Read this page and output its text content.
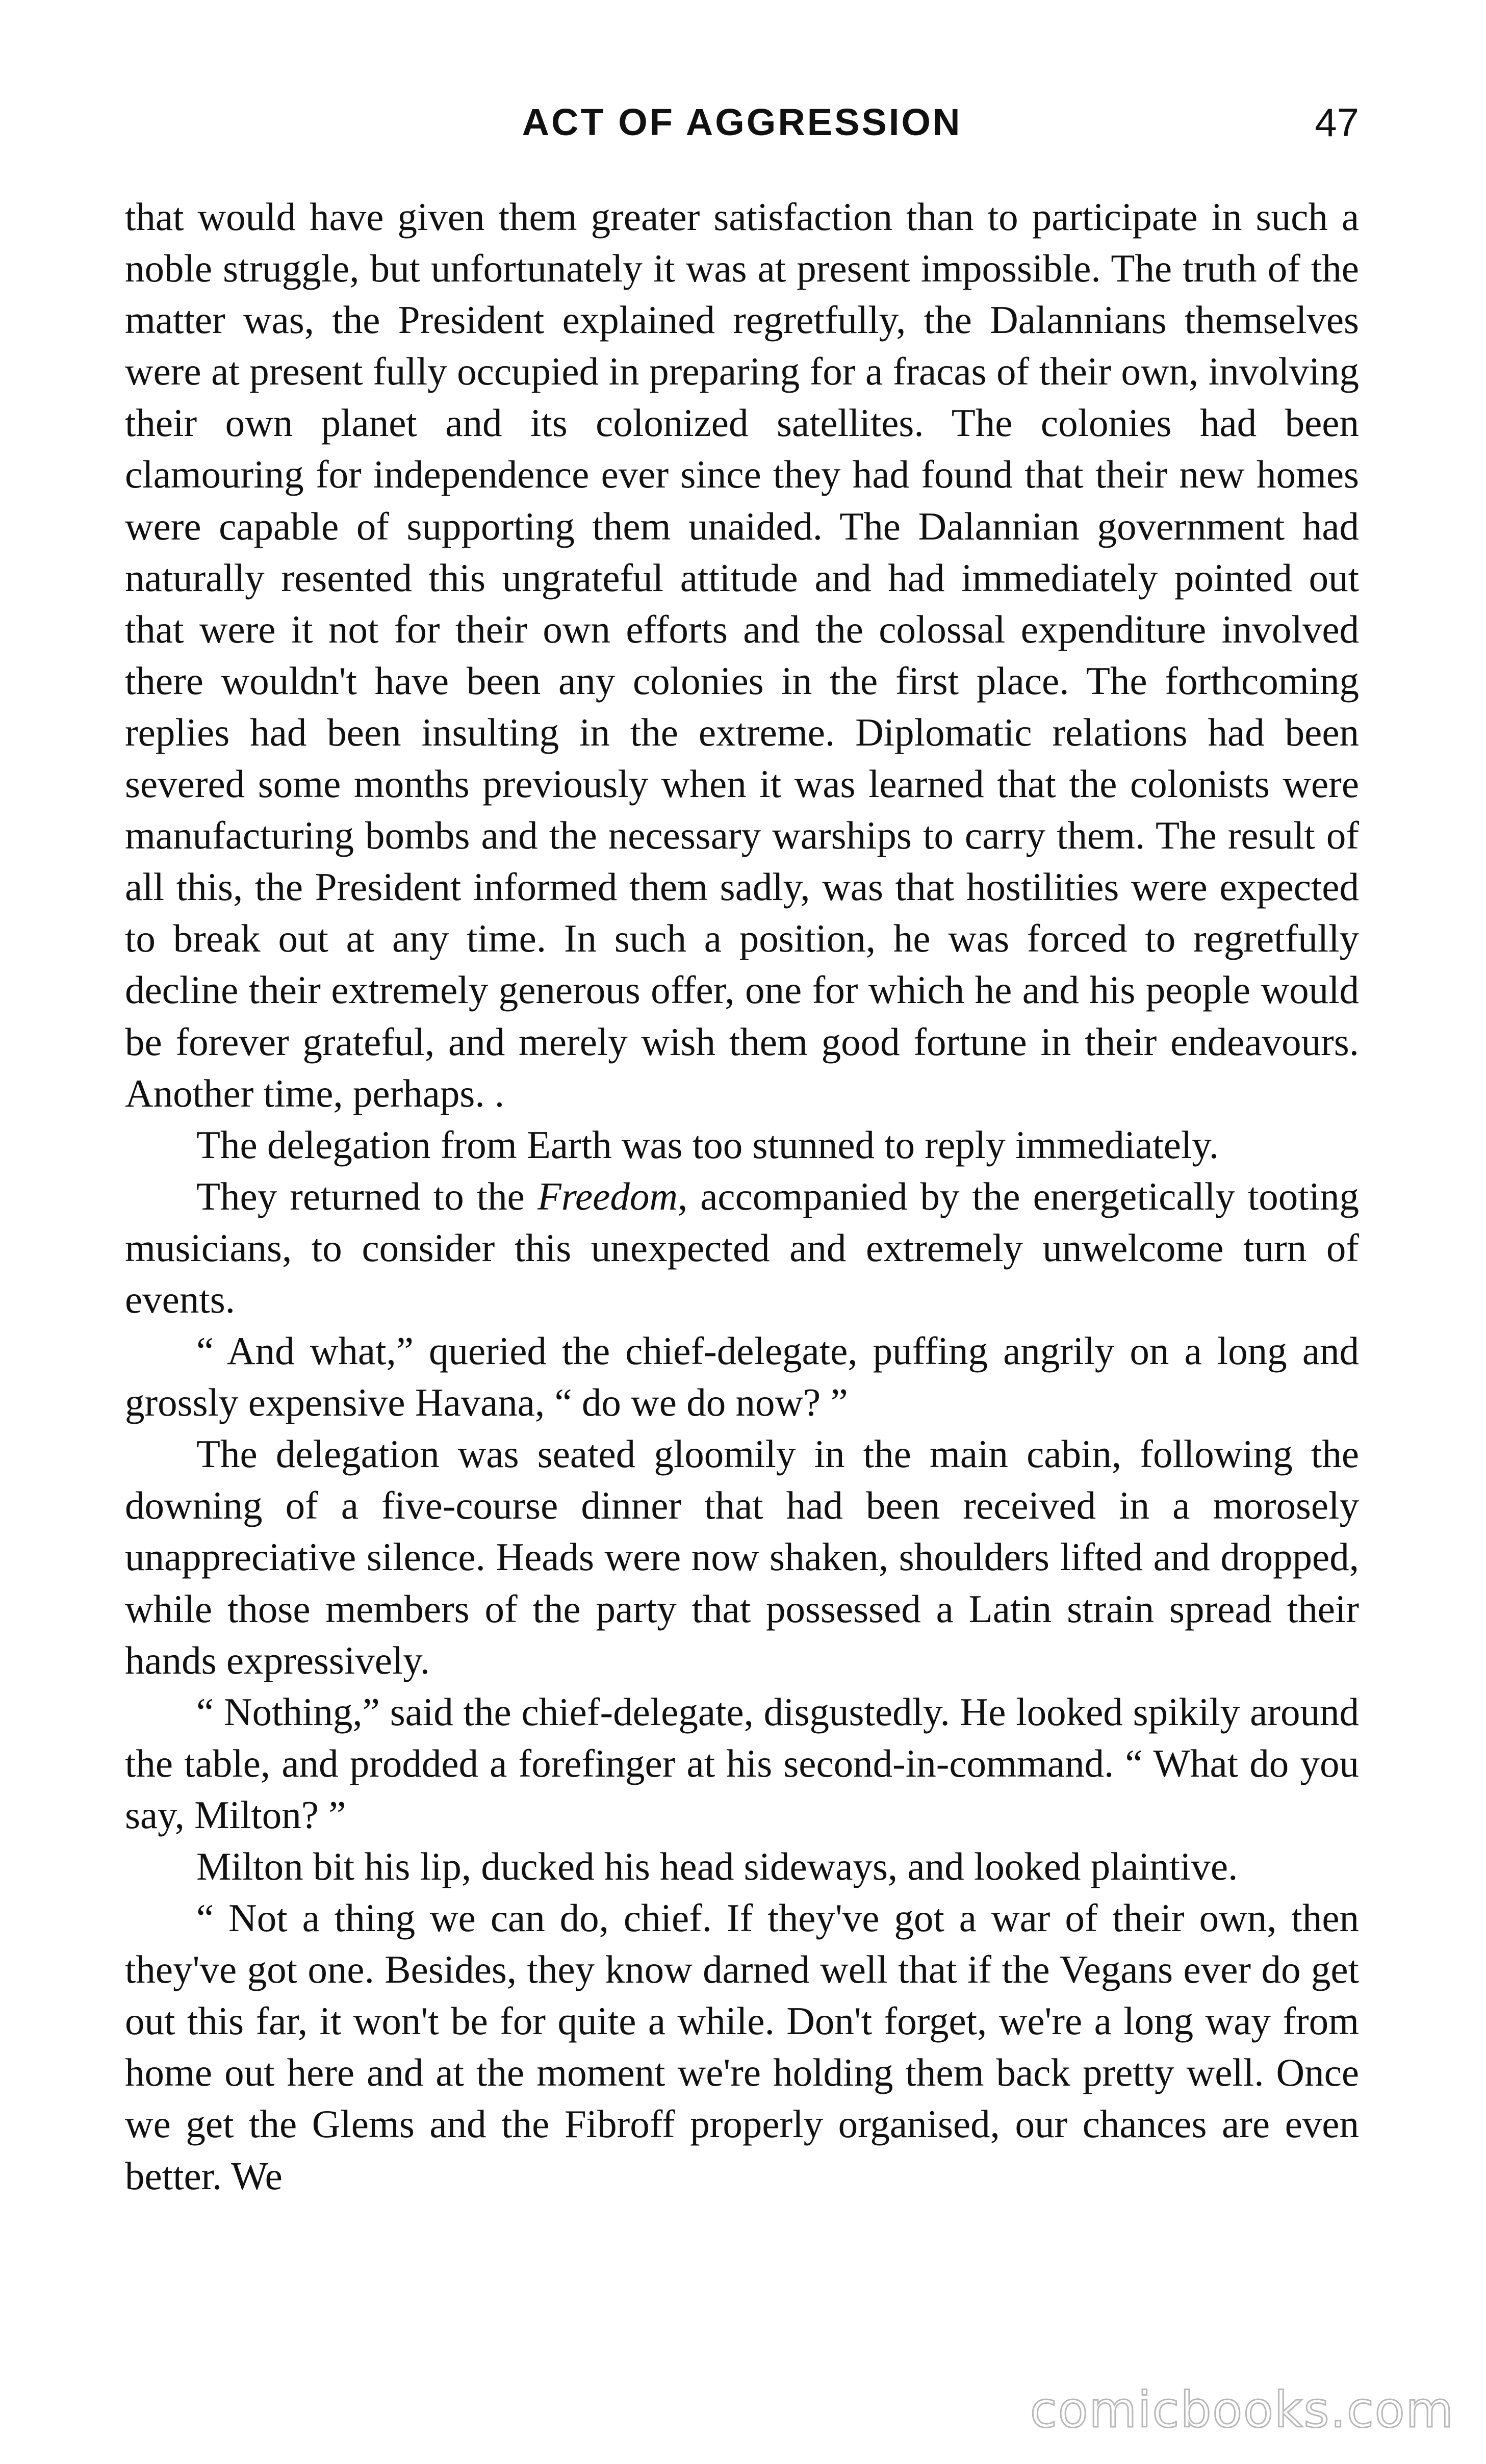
ACT OF AGGRESSION	47

that would have given them greater satisfaction than to participate in such a noble struggle, but unfortunately it was at present impossible. The truth of the matter was, the President explained regretfully, the Dalannians themselves were at present fully occupied in preparing for a fracas of their own, involving their own planet and its colonized satellites. The colonies had been clamouring for independence ever since they had found that their new homes were capable of supporting them unaided. The Dalannian government had naturally resented this ungrateful attitude and had immediately pointed out that were it not for their own efforts and the colossal expenditure involved there wouldn't have been any colonies in the first place. The forthcoming replies had been insulting in the extreme. Diplomatic relations had been severed some months previously when it was learned that the colonists were manufacturing bombs and the necessary warships to carry them. The result of all this, the President informed them sadly, was that hostilities were expected to break out at any time. In such a position, he was forced to regretfully decline their extremely generous offer, one for which he and his people would be forever grateful, and merely wish them good fortune in their endeavours. Another time, perhaps. .

The delegation from Earth was too stunned to reply immediately.

They returned to the Freedom, accompanied by the energetically tooting musicians, to consider this unexpected and extremely unwelcome turn of events.

“ And what,” queried the chief-delegate, puffing angrily on a long and grossly expensive Havana, “ do we do now? ”

The delegation was seated gloomily in the main cabin, following the downing of a five-course dinner that had been received in a morosely unappreciative silence. Heads were now shaken, shoulders lifted and dropped, while those members of the party that possessed a Latin strain spread their hands expressively.

“ Nothing,” said the chief-delegate, disgustedly. He looked spikily around the table, and prodded a forefinger at his second-in-command. “ What do you say, Milton? ”

Milton bit his lip, ducked his head sideways, and looked plaintive.

“ Not a thing we can do, chief. If they've got a war of their own, then they've got one. Besides, they know darned well that if the Vegans ever do get out this far, it won't be for quite a while. Don't forget, we're a long way from home out here and at the moment we're holding them back pretty well. Once we get the Glems and the Fibroff properly organised, our chances are even better. We

comicbooks.com
